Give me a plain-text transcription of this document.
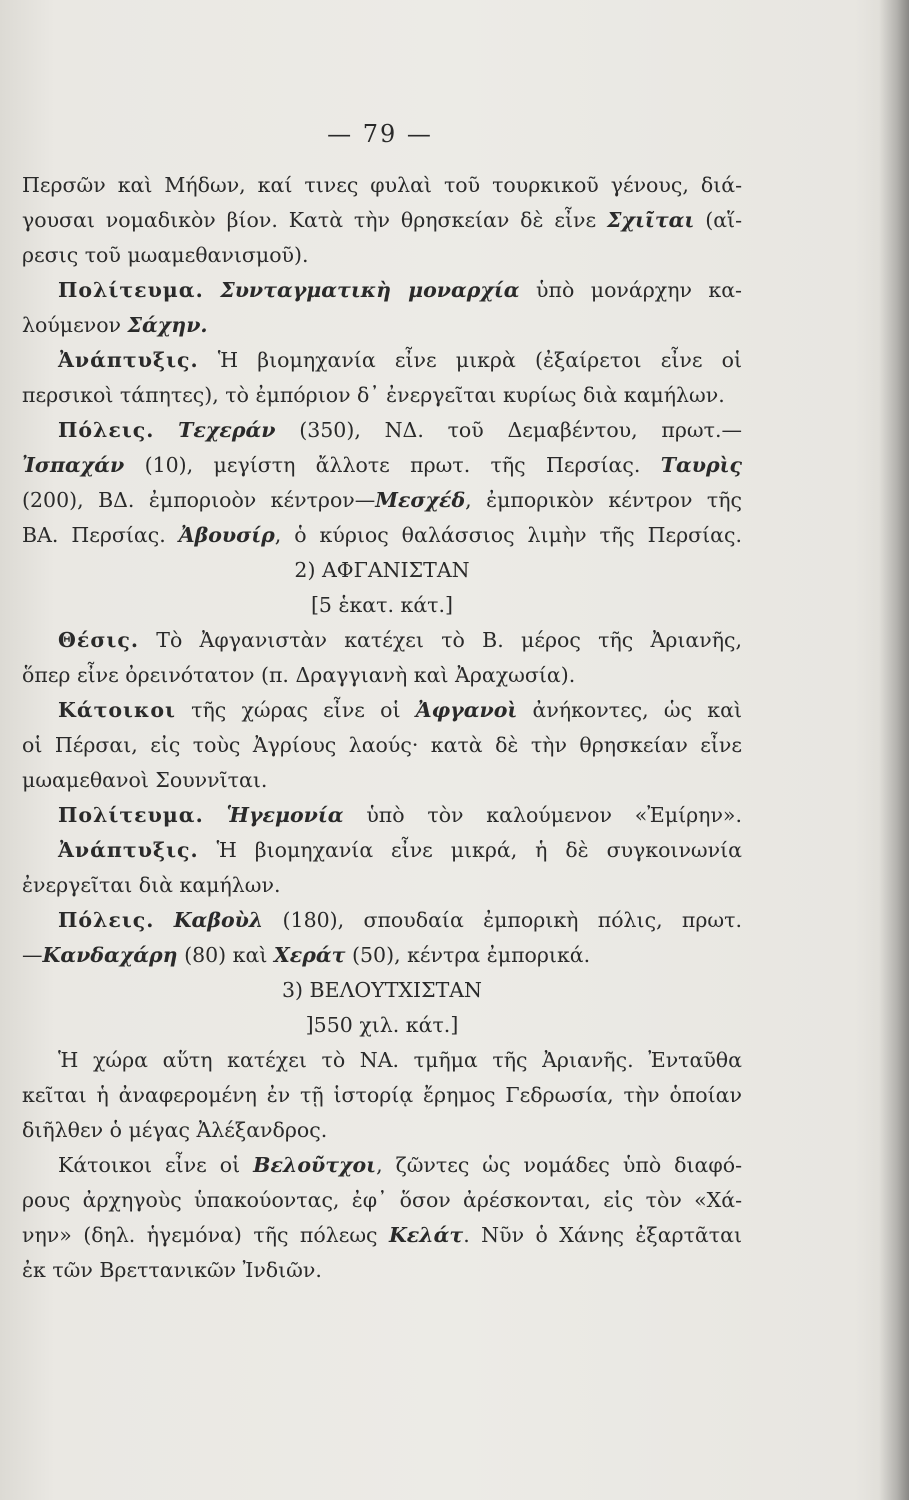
— 79 —
Περσῶν καὶ Μήδων, καί τινες φυλαὶ τοῦ τουρκικοῦ γένους, διά-
γουσαι νομαδικὸν βίον. Κατὰ τὴν θρησκείαν δὲ εἶνε Σχιῖται (αἵ-
ρεσις τοῦ μωαμεθανισμοῦ).
Πολίτευμα. Συνταγματικὴ μοναρχία ὑπὸ μονάρχην κα-
λούμενον Σάχην.
Ἀνάπτυξις. Ἡ βιομηχανία εἶνε μικρὰ (ἐξαίρετοι εἶνε οἱ
περσικοὶ τάπητες), τὸ ἐμπόριον δ᾿ ἐνεργεῖται κυρίως διὰ καμήλων.
Πόλεις. Τεχεράν (350), ΝΔ. τοῦ Δεμαβέντου, πρωτ.—
Ἰσπαχάν (10), μεγίστη ἄλλοτε πρωτ. τῆς Περσίας. Ταυρὶς
(200), ΒΔ. ἐμποριοὸν κέντρον—Μεσχέδ, ἐμπορικὸν κέντρον τῆς
ΒΑ. Περσίας. Ἀβουσίρ, ὁ κύριος θαλάσσιος λιμὴν τῆς Περσίας.
2) ΑΦΓΑΝΙΣΤΑΝ
[5 ἑκατ. κάτ.]
Θέσις. Τὸ Ἀφγανιστὰν κατέχει τὸ Β. μέρος τῆς Ἀριανῆς,
ὅπερ εἶνε ὀρεινότατον (π. Δραγγιανὴ καὶ Ἀραχωσία).
Κάτοικοι τῆς χώρας εἶνε οἱ Ἀφγανοὶ ἀνήκοντες, ὡς καὶ
οἱ Πέρσαι, εἰς τοὺς Ἀγρίους λαούς· κατὰ δὲ τὴν θρησκείαν εἶνε
μωαμεθανοὶ Σουννῖται.
Πολίτευμα. Ἡγεμονία ὑπὸ τὸν καλούμενον «Ἐμίρην».
Ἀνάπτυξις. Ἡ βιομηχανία εἶνε μικρά, ἡ δὲ συγκοινωνία
ἐνεργεῖται διὰ καμήλων.
Πόλεις. Καβοὺλ (180), σπουδαία ἐμπορικὴ πόλις, πρωτ.
—Κανδαχάρη (80) καὶ Χεράτ (50), κέντρα ἐμπορικά.
3) ΒΕΛΟΥΤΧΙΣΤΑΝ
]550 χιλ. κάτ.]
Ἡ χώρα αὕτη κατέχει τὸ ΝΑ. τμῆμα τῆς Ἀριανῆς. Ἐνταῦθα
κεῖται ἡ ἀναφερομένη ἐν τῇ ἱστορίᾳ ἔρημος Γεδρωσία, τὴν ὁποίαν
διῆλθεν ὁ μέγας Ἀλέξανδρος.
Κάτοικοι εἶνε οἱ Βελοῦτχοι, ζῶντες ὡς νομάδες ὑπὸ διαφό-
ρους ἀρχηγοὺς ὑπακούοντας, ἐφ᾿ ὅσον ἀρέσκονται, εἰς τὸν «Χά-
νην» (δηλ. ἡγεμόνα) τῆς πόλεως Κελάτ. Νῦν ὁ Χάνης ἐξαρτᾶται
ἐκ τῶν Βρεττανικῶν Ἰνδιῶν.
